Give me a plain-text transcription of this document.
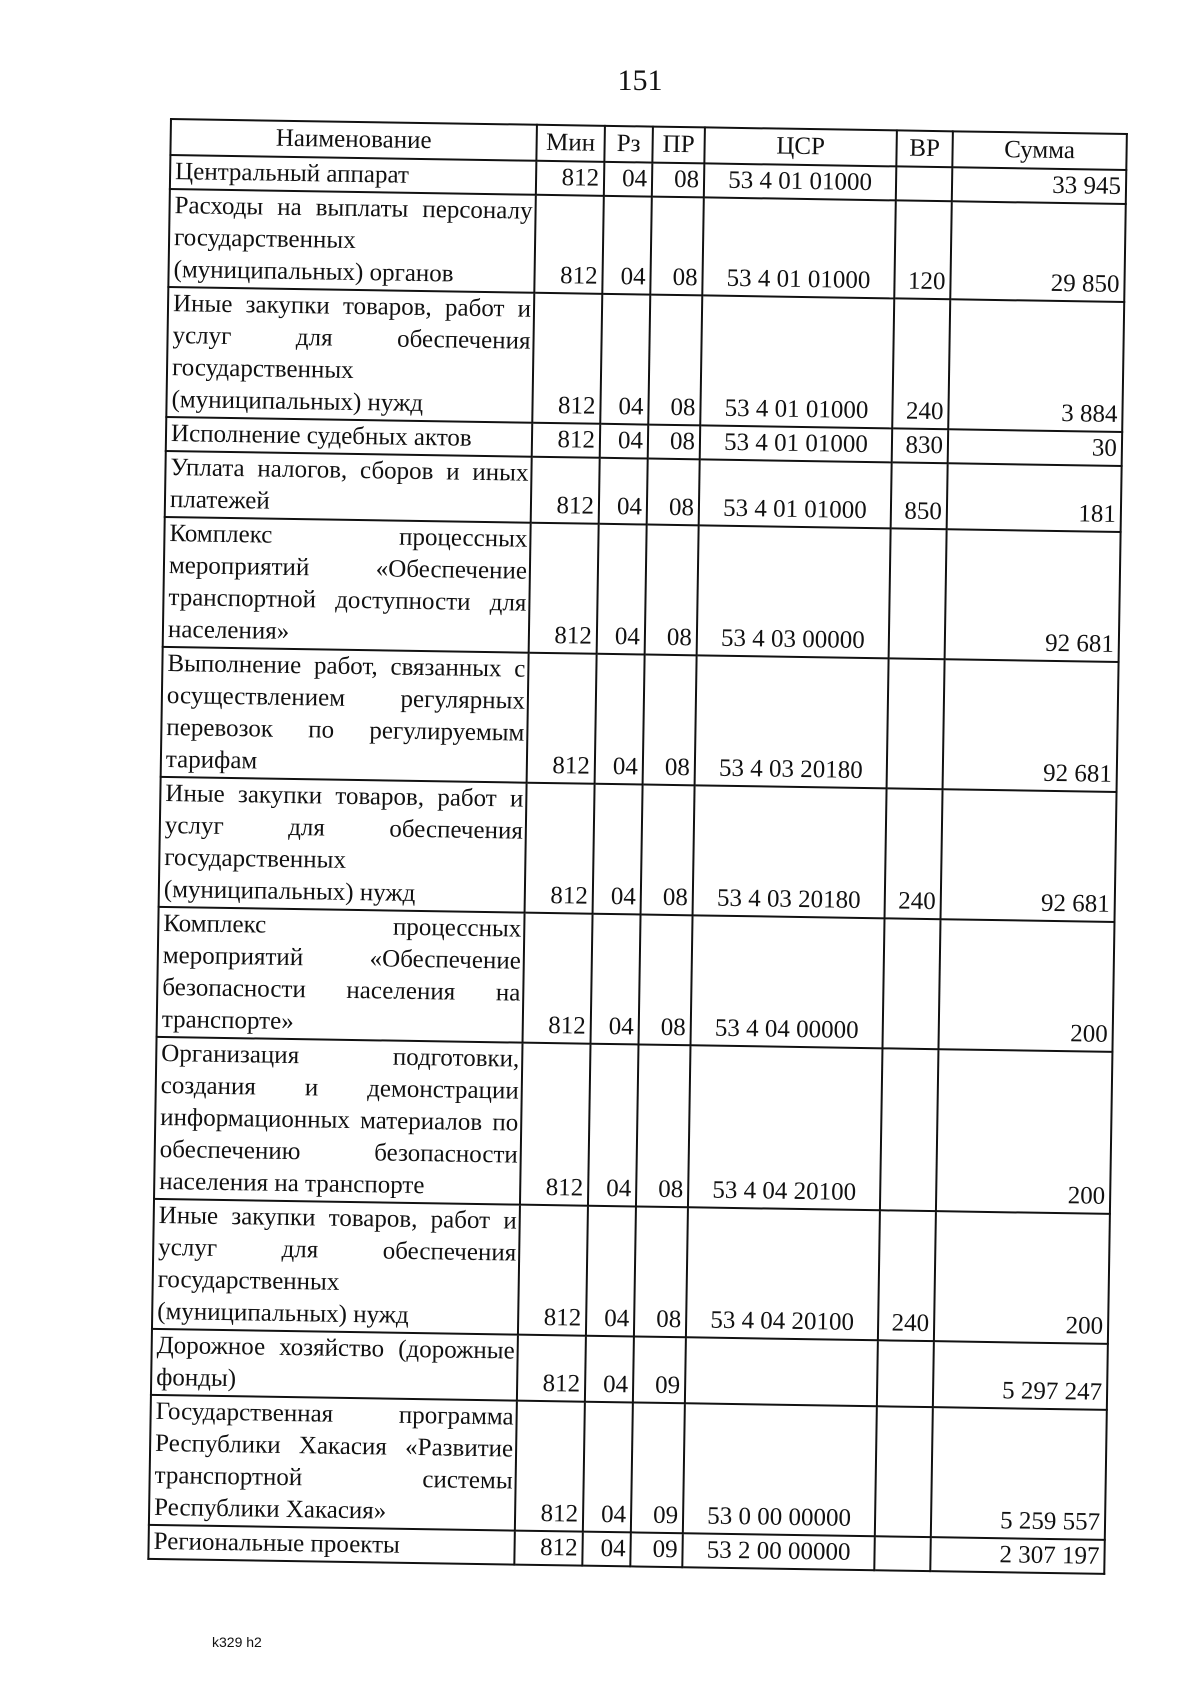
151
Наименование	Мин	Рз	ПР	ЦСР	ВР	Сумма
Центральный аппарат	812	04	08	53 4 01 01000		33 945
Расходы на выплаты персоналу государственных (муниципальных) органов	812	04	08	53 4 01 01000	120	29 850
Иные закупки товаров, работ и услуг для обеспечения государственных (муниципальных) нужд	812	04	08	53 4 01 01000	240	3 884
Исполнение судебных актов	812	04	08	53 4 01 01000	830	30
Уплата налогов, сборов и иных платежей	812	04	08	53 4 01 01000	850	181
Комплекс процессных мероприятий «Обеспечение транспортной доступности для населения»	812	04	08	53 4 03 00000		92 681
Выполнение работ, связанных с осуществлением регулярных перевозок по регулируемым тарифам	812	04	08	53 4 03 20180		92 681
Иные закупки товаров, работ и услуг для обеспечения государственных (муниципальных) нужд	812	04	08	53 4 03 20180	240	92 681
Комплекс процессных мероприятий «Обеспечение безопасности населения на транспорте»	812	04	08	53 4 04 00000		200
Организация подготовки, создания и демонстрации информационных материалов по обеспечению безопасности населения на транспорте	812	04	08	53 4 04 20100		200
Иные закупки товаров, работ и услуг для обеспечения государственных (муниципальных) нужд	812	04	08	53 4 04 20100	240	200
Дорожное хозяйство (дорожные фонды)	812	04	09			5 297 247
Государственная программа Республики Хакасия «Развитие транспортной системы Республики Хакасия»	812	04	09	53 0 00 00000		5 259 557
Региональные проекты	812	04	09	53 2 00 00000		2 307 197
k329 h2
